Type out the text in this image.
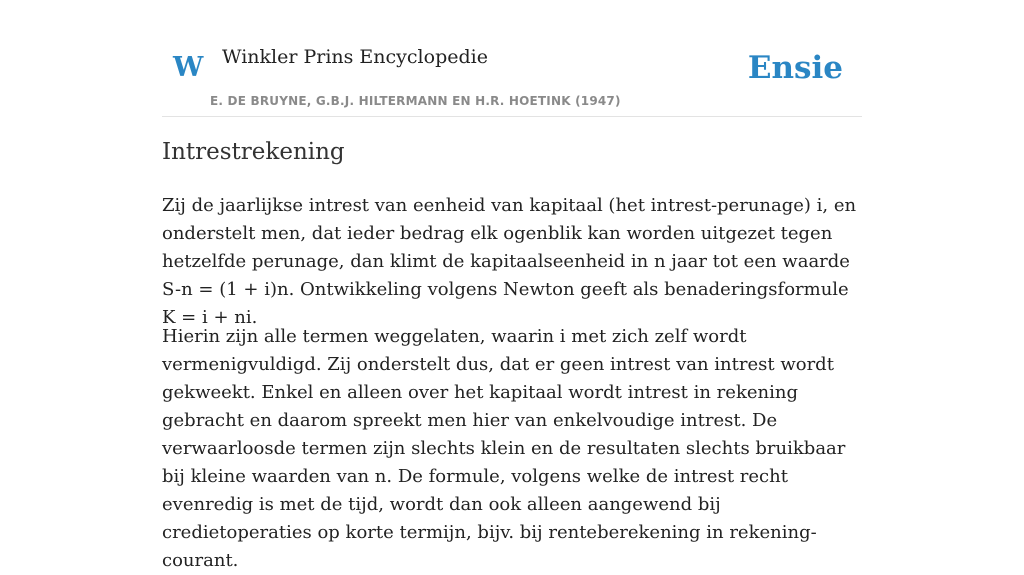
W Winkler Prins Encyclopedie
E. DE BRUYNE, G.B.J. HILTERMANN EN H.R. HOETINK (1947)
Ensie
Intrestrekening

Zij de jaarlijkse intrest van eenheid van kapitaal (het intrest-perunage) i, en onderstelt men, dat ieder bedrag elk ogenblik kan worden uitgezet tegen hetzelfde perunage, dan klimt de kapitaalseenheid in n jaar tot een waarde S-n = (1 + i)n. Ontwikkeling volgens Newton geeft als benaderingsformule K = i + ni.

Hierin zijn alle termen weggelaten, waarin i met zich zelf wordt vermenigvuldigd. Zij onderstelt dus, dat er geen intrest van intrest wordt gekweekt. Enkel en alleen over het kapitaal wordt intrest in rekening gebracht en daarom spreekt men hier van enkelvoudige intrest. De verwaarloosde termen zijn slechts klein en de resultaten slechts bruikbaar bij kleine waarden van n. De formule, volgens welke de intrest recht evenredig is met de tijd, wordt dan ook alleen aangewend bij credietoperaties op korte termijn, bijv. bij renteberekening in rekening-courant.
